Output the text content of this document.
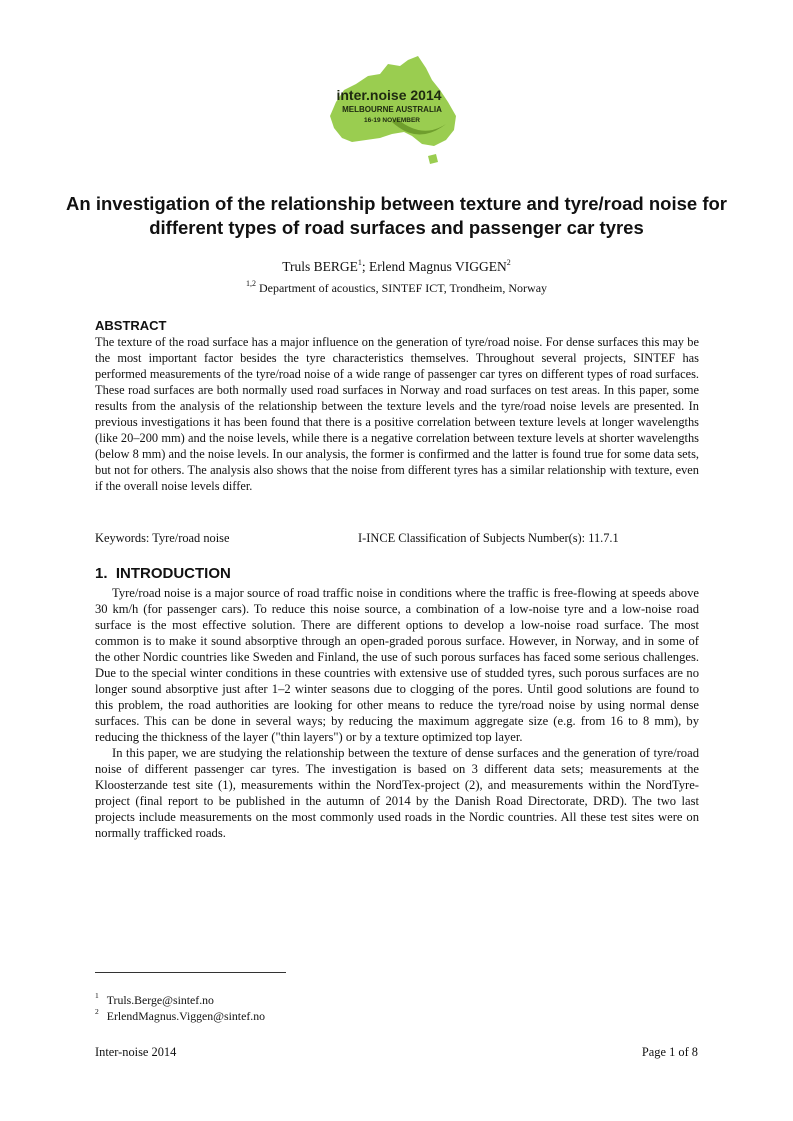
inter.noise 2014
MELBOURNE AUSTRALIA
16-19 NOVEMBER
An investigation of the relationship between texture and tyre/road noise for different types of road surfaces and passenger car tyres
Truls BERGE$^1$; Erlend Magnus VIGGEN$^2$
$^{1,2}$ Department of acoustics, SINTEF ICT, Trondheim, Norway
ABSTRACT

The texture of the road surface has a major influence on the generation of tyre/road noise. For dense surfaces this may be the most important factor besides the tyre characteristics themselves. Throughout several projects, SINTEF has performed measurements of the tyre/road noise of a wide range of passenger car tyres on different types of road surfaces. These road surfaces are both normally used road surfaces in Norway and road surfaces on test areas. In this paper, some results from the analysis of the relationship between the texture levels and the tyre/road noise levels are presented. In previous investigations it has been found that there is a positive correlation between texture levels at longer wavelengths (like 20–200 mm) and the noise levels, while there is a negative correlation between texture levels at shorter wavelengths (below 8 mm) and the noise levels. In our analysis, the former is confirmed and the latter is found true for some data sets, but not for others. The analysis also shows that the noise from different tyres has a similar relationship with texture, even if the overall noise levels differ.

Keywords: Tyre/road noise	I-INCE Classification of Subjects Number(s): 11.7.1
1.  INTRODUCTION

Tyre/road noise is a major source of road traffic noise in conditions where the traffic is free-flowing at speeds above 30 km/h (for passenger cars). To reduce this noise source, a combination of a low-noise tyre and a low-noise road surface is the most effective solution. There are different options to develop a low-noise road surface. The most common is to make it sound absorptive through an open-graded porous surface. However, in Norway, and in some of the other Nordic countries like Sweden and Finland, the use of such porous surfaces has faced some serious challenges. Due to the special winter conditions in these countries with extensive use of studded tyres, such porous surfaces are no longer sound absorptive just after 1–2 winter seasons due to clogging of the pores. Until good solutions are found to this problem, the road authorities are looking for other means to reduce the tyre/road noise by using normal dense surfaces. This can be done in several ways; by reducing the maximum aggregate size (e.g. from 16 to 8 mm), by reducing the thickness of the layer ("thin layers") or by a texture optimized top layer.

In this paper, we are studying the relationship between the texture of dense surfaces and the generation of tyre/road noise of different passenger car tyres. The investigation is based on 3 different data sets; measurements at the Kloosterzande test site (1), measurements within the NordTex-project (2), and measurements within the NordTyre-project (final report to be published in the autumn of 2014 by the Danish Road Directorate, DRD). The two last projects include measurements on the most commonly used roads in the Nordic countries. All these test sites were on normally trafficked roads.

$^1$ Truls.Berge@sintef.no
$^2$ ErlendMagnus.Viggen@sintef.no
Inter-noise 2014	Page 1 of 8
